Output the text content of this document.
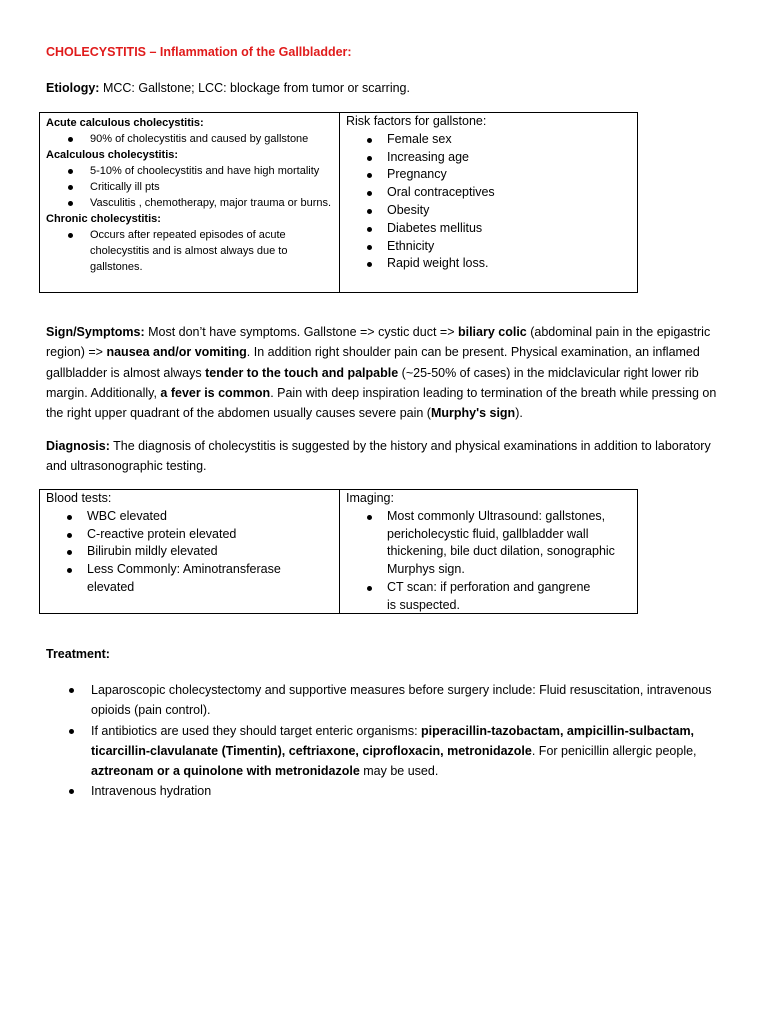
CHOLECYSTITIS – Inflammation of the Gallbladder:
Etiology: MCC: Gallstone; LCC: blockage from tumor or scarring.
Acute calculous cholecystitis:
90% of cholecystitis and caused by gallstone
Acalculous cholecystitis:
5-10% of choolecystitis and have high mortality
Critically ill pts
Vasculitis , chemotherapy, major trauma or burns.
Chronic cholecystitis:
Occurs after repeated episodes of acute cholecystitis and is almost always due to gallstones.
Risk factors for gallstone:
Female sex
Increasing age
Pregnancy
Oral contraceptives
Obesity
Diabetes mellitus
Ethnicity
Rapid weight loss.
Sign/Symptoms: Most don’t have symptoms. Gallstone => cystic duct => biliary colic (abdominal pain in the epigastric region) => nausea and/or vomiting. In addition right shoulder pain can be present. Physical examination, an inflamed gallbladder is almost always tender to the touch and palpable (~25-50% of cases) in the midclavicular right lower rib margin. Additionally, a fever is common. Pain with deep inspiration leading to termination of the breath while pressing on the right upper quadrant of the abdomen usually causes severe pain (Murphy's sign).
Diagnosis: The diagnosis of cholecystitis is suggested by the history and physical examinations in addition to laboratory and ultrasonographic testing.
Blood tests:
WBC elevated
C-reactive protein elevated
Bilirubin mildly elevated
Less Commonly: Aminotransferase elevated
Imaging:
Most commonly Ultrasound: gallstones, pericholecystic fluid, gallbladder wall thickening, bile duct dilation, sonographic Murphys sign.
CT scan: if perforation and gangrene is suspected.
Treatment:
Laparoscopic cholecystectomy and supportive measures before surgery include: Fluid resuscitation, intravenous opioids (pain control).
If antibiotics are used they should target enteric organisms: piperacillin-tazobactam, ampicillin-sulbactam, ticarcillin-clavulanate (Timentin), ceftriaxone, ciprofloxacin, metronidazole. For penicillin allergic people, aztreonam or a quinolone with metronidazole may be used.
Intravenous hydration
